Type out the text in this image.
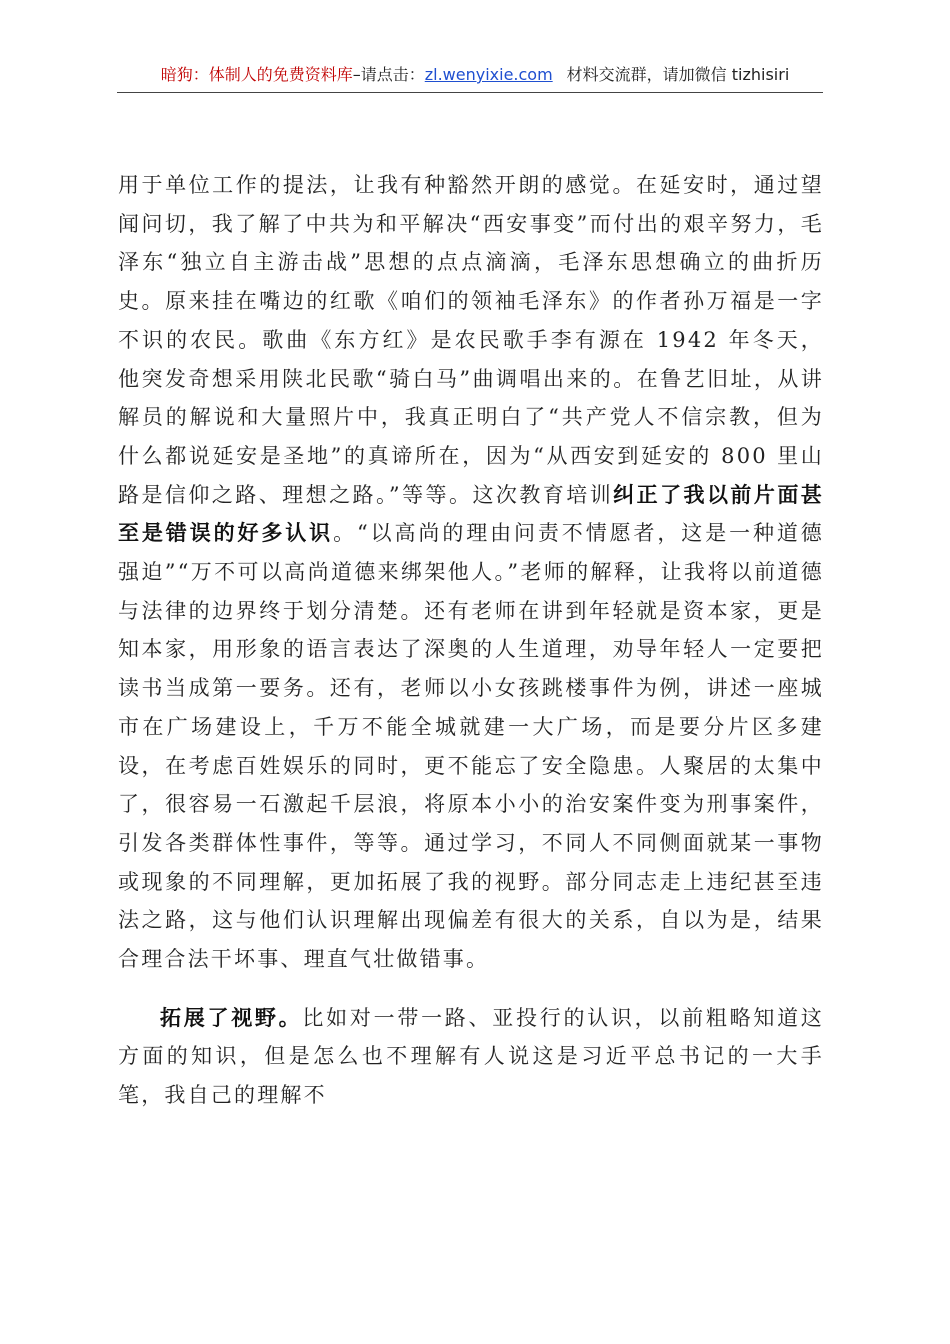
暗狗：体制人的免费资料库–请点击：zl.wenyixie.com 材料交流群，请加微信 tizhisiri

用于单位工作的提法，让我有种豁然开朗的感觉。在延安时，通过望闻问切，我了解了中共为和平解决“西安事变”而付出的艰辛努力，毛泽东“独立自主游击战”思想的点点滴滴，毛泽东思想确立的曲折历史。原来挂在嘴边的红歌《咱们的领袖毛泽东》的作者孙万福是一字不识的农民。歌曲《东方红》是农民歌手李有源在 1942 年冬天，他突发奇想采用陕北民歌“骑白马”曲调唱出来的。在鲁艺旧址，从讲解员的解说和大量照片中，我真正明白了“共产党人不信宗教，但为什么都说延安是圣地”的真谛所在，因为“从西安到延安的 800 里山路是信仰之路、理想之路。”等等。这次教育培训纠正了我以前片面甚至是错误的好多认识。“以高尚的理由问责不情愿者，这是一种道德强迫”“万不可以高尚道德来绑架他人。”老师的解释，让我将以前道德与法律的边界终于划分清楚。还有老师在讲到年轻就是资本家，更是知本家，用形象的语言表达了深奥的人生道理，劝导年轻人一定要把读书当成第一要务。还有，老师以小女孩跳楼事件为例，讲述一座城市在广场建设上，千万不能全城就建一大广场，而是要分片区多建设，在考虑百姓娱乐的同时，更不能忘了安全隐患。人聚居的太集中了，很容易一石激起千层浪，将原本小小的治安案件变为刑事案件，引发各类群体性事件，等等。通过学习，不同人不同侧面就某一事物或现象的不同理解，更加拓展了我的视野。部分同志走上违纪甚至违法之路，这与他们认识理解出现偏差有很大的关系，自以为是，结果合理合法干坏事、理直气壮做错事。

拓展了视野。比如对一带一路、亚投行的认识，以前粗略知道这方面的知识，但是怎么也不理解有人说这是习近平总书记的一大手笔，我自己的理解不
